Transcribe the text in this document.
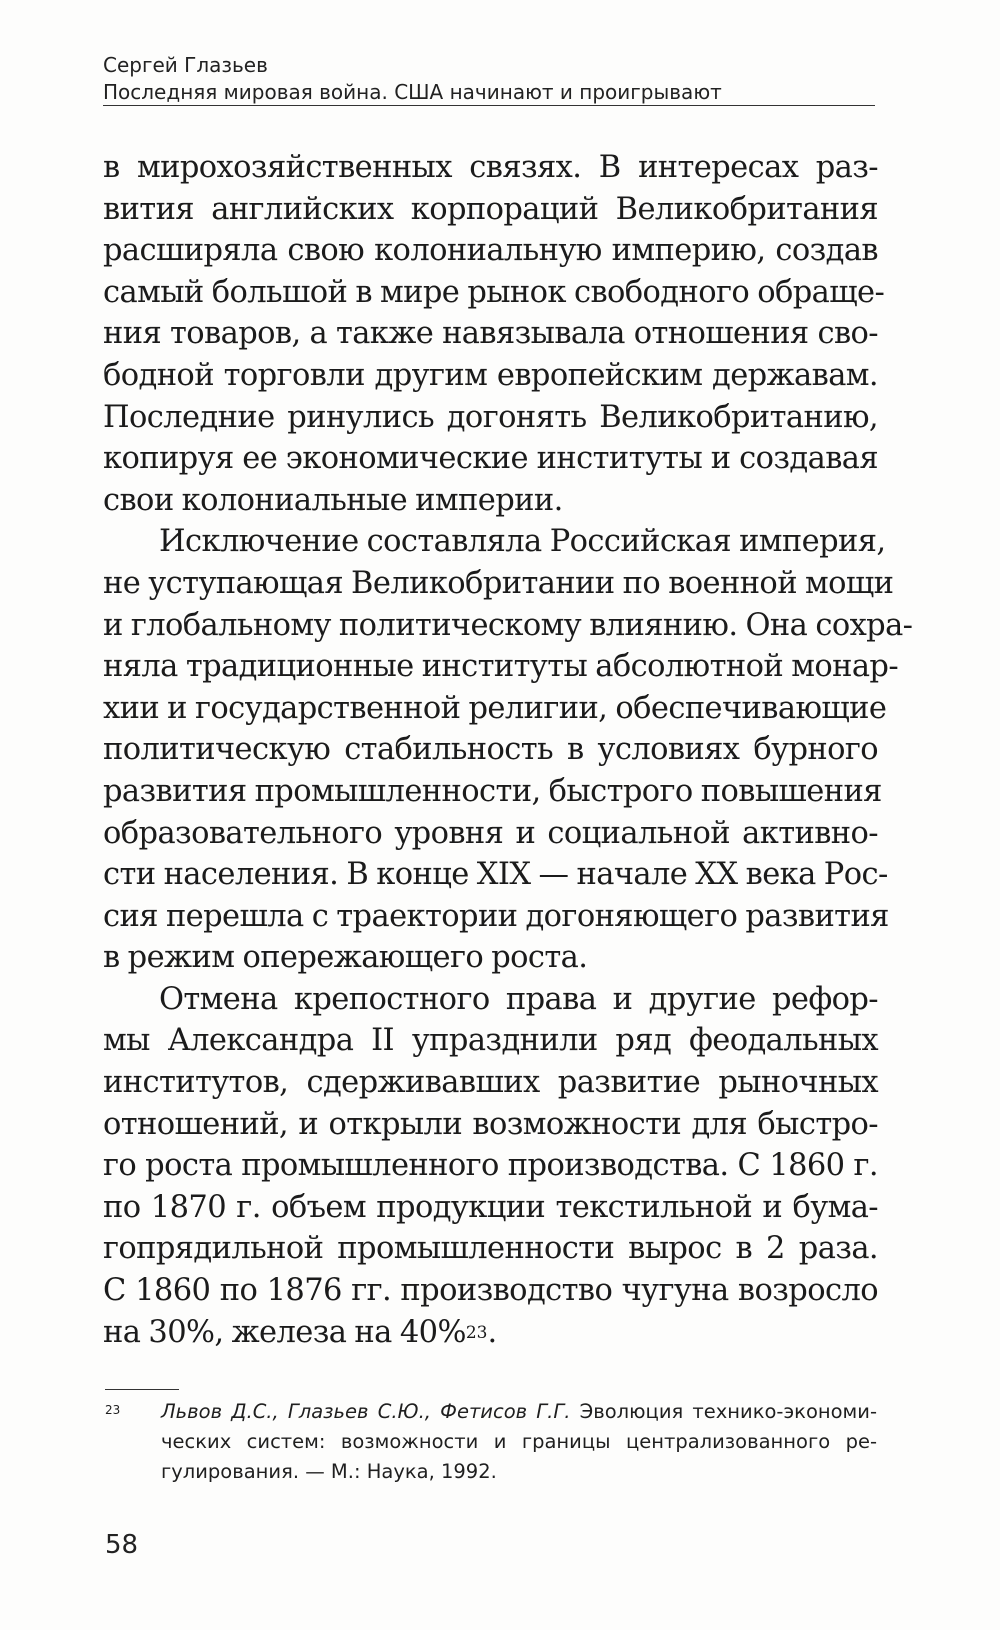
Сергей Глазьев
Последняя мировая война. США начинают и проигрывают

в мирохозяйственных связях. В интересах раз-
вития английских корпораций Великобритания
расширяла свою колониальную империю, создав
самый большой в мире рынок свободного обраще-
ния товаров, а также навязывала отношения сво-
бодной торговли другим европейским державам.
Последние ринулись догонять Великобританию,
копируя ее экономические институты и создавая
свои колониальные империи.

Исключение составляла Российская империя,
не уступающая Великобритании по военной мощи
и глобальному политическому влиянию. Она сохра-
няла традиционные институты абсолютной монар-
хии и государственной религии, обеспечивающие
политическую стабильность в условиях бурного
развития промышленности, быстрого повышения
образовательного уровня и социальной активно-
сти населения. В конце XIX — начале XX века Рос-
сия перешла с траектории догоняющего развития
в режим опережающего роста.

Отмена крепостного права и другие рефор-
мы Александра II упразднили ряд феодальных
институтов, сдерживавших развитие рыночных
отношений, и открыли возможности для быстро-
го роста промышленного производства. С 1860 г.
по 1870 г. объем продукции текстильной и бума-
гопрядильной промышленности вырос в 2 раза.
С 1860 по 1876 гг. производство чугуна возросло
на 30%, железа на 40%$^{23}$.

23 Львов Д.С., Глазьев С.Ю., Фетисов Г.Г. Эволюция технико-экономи-
ческих систем: возможности и границы централизованного ре-
гулирования. — М.: Наука, 1992.
58
